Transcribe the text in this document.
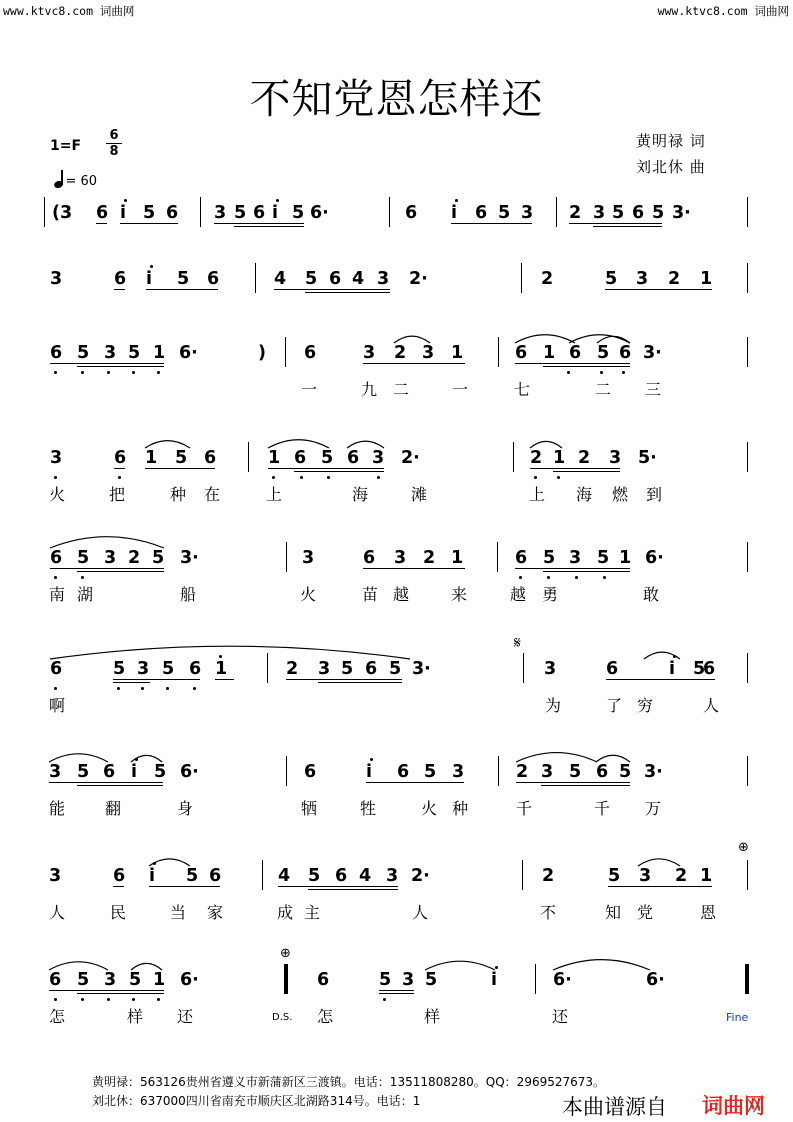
www.ktvc8.com 词曲网	www.ktvc8.com 词曲网
不知党恩怎样还
1=F
6
8
= 60
黄明禄 词
刘北休 曲
(3 6 i 5 6 3 5 6 i 5 6·	6 i 6 5 3 2 3 5 6 5 3·
3	6 i 5 6	4 5 6 4 3 2·	2	5 3 2 1
6 5 3 5 1 6·	) 6	3 2 3 1	6 1 6 5 6 3·
一	九 二	一	七	二 三
3	6 1 5 6	1 6 5 6 3 2·	2 1 2 3 5·
火	把	种 在	上	海	滩	上 海 燃 到
6 5 3 2 5 3·	3	6 3 2 1	6 5 3 5 1 6·
南 湖	船	火	苗 越	来	越 勇	敢
6	5 3 5 6 1	2 3 5 6 5 3·	3	6	i 5
6
啊	为	了 穷	人
𝄋
3 5 6 i 5 6·	6	i 6 5 3	2 3 5 6 5 3·
能 翻	身	牺	牲	火 种	千	千 万
3	6 i 5 6	4 5 6 4 3 2·	2	5 3 2 1
人	民	当 家	成 主	人	不	知 党	恩
⊕
6 5 3 5 1 6·	6	5 3 5	i	6·	6·
怎	样 还	怎	样	还
⊕
D.S.	Fine
黄明禄：563126贵州省遵义市新蒲新区三渡镇。电话：13511808280。QQ：2969527673。
刘北休：637000四川省南充市顺庆区北湖路314号。电话：1	本曲谱源自 词曲网
